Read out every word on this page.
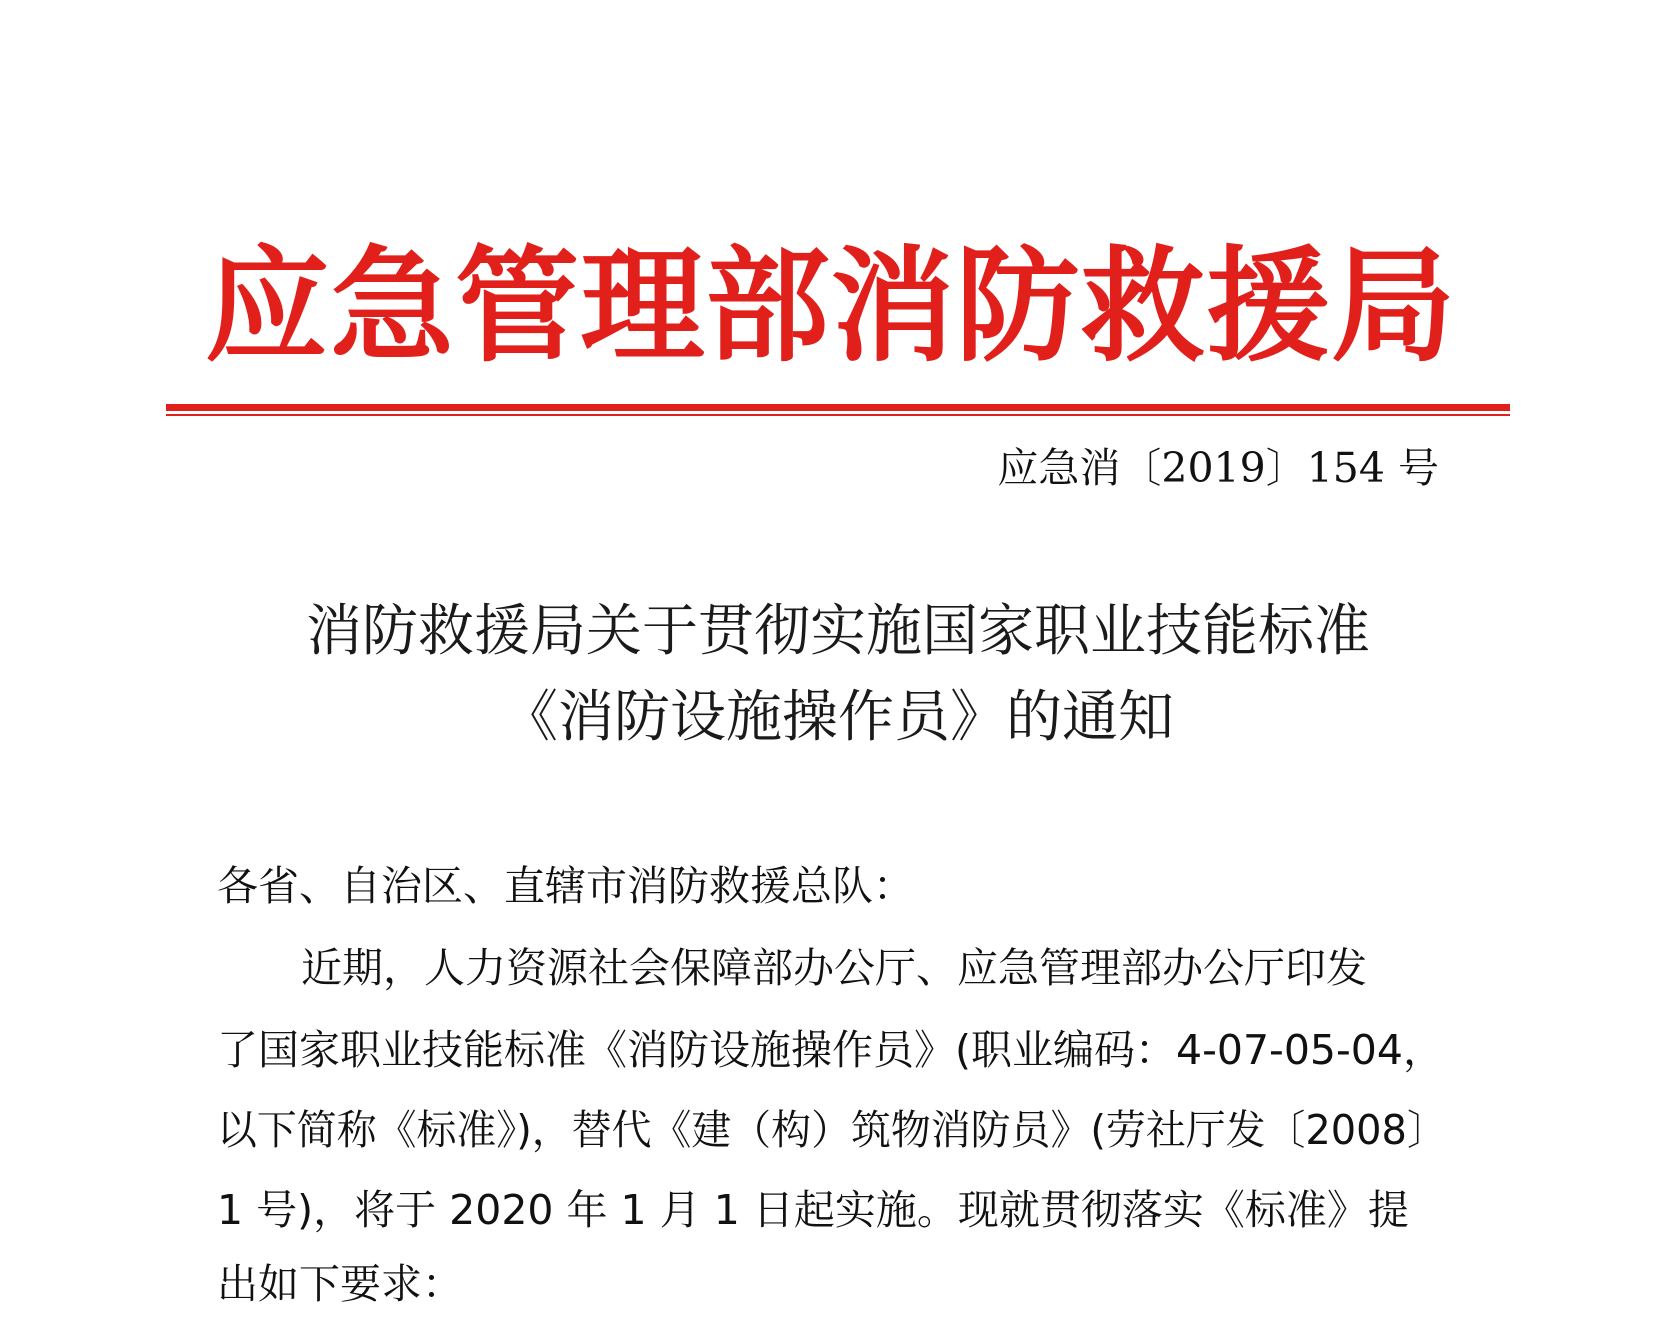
应 急 管 理 部 消 防 救 援 局
应急消〔2019〕154 号
消防救援局关于贯彻实施国家职业技能标准
《消防设施操作员》的通知
各省、自治区、直辖市消防救援总队：
近期，人力资源社会保障部办公厅、应急管理部办公厅印发
了国家职业技能标准《消防设施操作员》(职业编码：4-07-05-04，
以下简称《标准》)，替代《建（构）筑物消防员》(劳社厅发〔2008〕
1 号)，将于 2020 年 1 月 1 日起实施。现就贯彻落实《标准》提
出如下要求：
